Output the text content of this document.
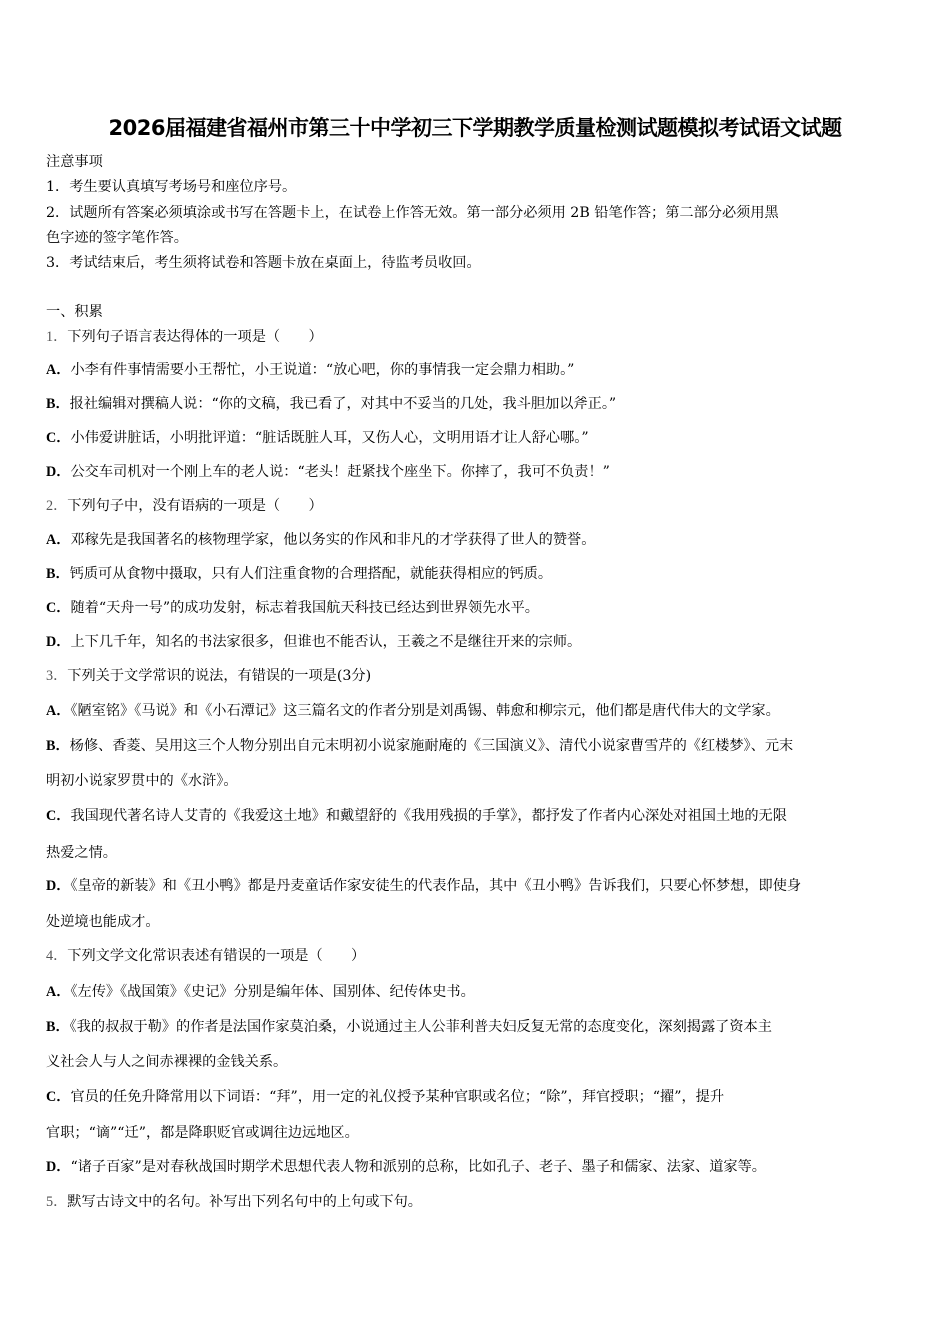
2026届福建省福州市第三十中学初三下学期教学质量检测试题模拟考试语文试题
注意事项
1．考生要认真填写考场号和座位序号。
2．试题所有答案必须填涂或书写在答题卡上，在试卷上作答无效。第一部分必须用 2B 铅笔作答；第二部分必须用黑
色字迹的签字笔作答。
3．考试结束后，考生须将试卷和答题卡放在桌面上，待监考员收回。
一、积累
1．下列句子语言表达得体的一项是（　　）
A．小李有件事情需要小王帮忙，小王说道：“放心吧，你的事情我一定会鼎力相助。”
B．报社编辑对撰稿人说：“你的文稿，我已看了，对其中不妥当的几处，我斗胆加以斧正。”
C．小伟爱讲脏话，小明批评道：“脏话既脏人耳，又伤人心，文明用语才让人舒心哪。”
D．公交车司机对一个刚上车的老人说：“老头！赶紧找个座坐下。你摔了，我可不负责！”
2．下列句子中，没有语病的一项是（　　）
A．邓稼先是我国著名的核物理学家，他以务实的作风和非凡的才学获得了世人的赞誉。
B．钙质可从食物中摄取，只有人们注重食物的合理搭配，就能获得相应的钙质。
C．随着“天舟一号”的成功发射，标志着我国航天科技已经达到世界领先水平。
D．上下几千年，知名的书法家很多，但谁也不能否认，王羲之不是继往开来的宗师。
3．下列关于文学常识的说法，有错误的一项是(3分)
A．《陋室铭》《马说》和《小石潭记》这三篇名文的作者分别是刘禹锡、韩愈和柳宗元，他们都是唐代伟大的文学家。
B．杨修、香菱、吴用这三个人物分别出自元末明初小说家施耐庵的《三国演义》、清代小说家曹雪芹的《红楼梦》、元末
明初小说家罗贯中的《水浒》。
C．我国现代著名诗人艾青的《我爱这土地》和戴望舒的《我用残损的手掌》，都抒发了作者内心深处对祖国土地的无限
热爱之情。
D．《皇帝的新装》和《丑小鸭》都是丹麦童话作家安徒生的代表作品，其中《丑小鸭》告诉我们，只要心怀梦想，即使身
处逆境也能成才。
4．下列文学文化常识表述有错误的一项是（　　）
A．《左传》《战国策》《史记》分别是编年体、国别体、纪传体史书。
B．《我的叔叔于勒》的作者是法国作家莫泊桑，小说通过主人公菲利普夫妇反复无常的态度变化，深刻揭露了资本主
义社会人与人之间赤裸裸的金钱关系。
C．官员的任免升降常用以下词语：“拜”，用一定的礼仪授予某种官职或名位；“除”，拜官授职；“擢”，提升
官职；“谪”“迁”，都是降职贬官或调往边远地区。
D．“诸子百家”是对春秋战国时期学术思想代表人物和派别的总称，比如孔子、老子、墨子和儒家、法家、道家等。
5．默写古诗文中的名句。补写出下列名句中的上句或下句。
